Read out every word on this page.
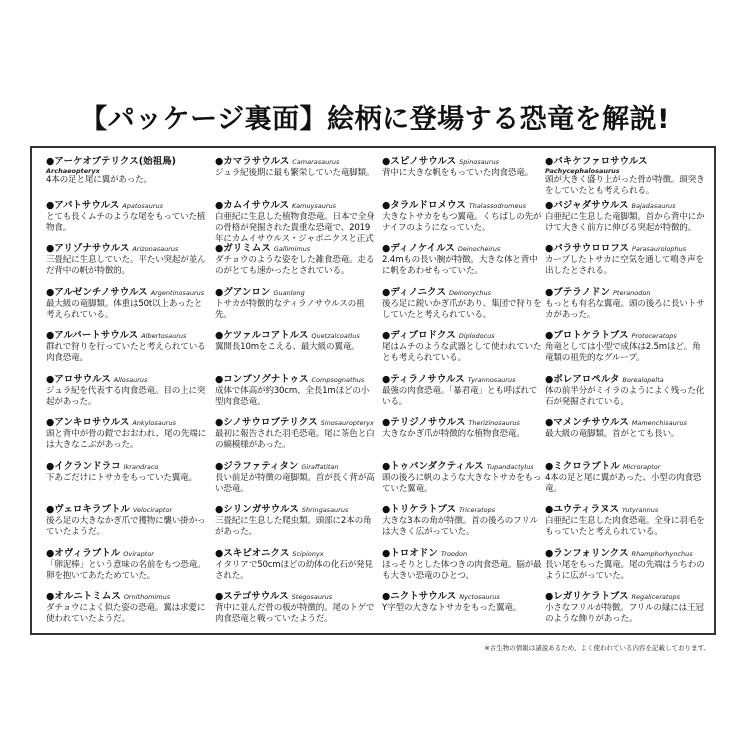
【パッケージ裏面】絵柄に登場する恐竜を解説!
●アーケオプテリクス(始祖鳥)
Archaeopteryx
4本の足と尾に翼があった。
●アパトサウルス Apatosaurus
とても長くムチのような尾をもっていた植物食。
●アリゾナサウルス Arizonasaurus
三畳紀に生息していた。平たい突起が並んだ背中の帆が特徴的。
●アルゼンチノサウルス Argentinosaurus
最大級の竜脚類。体重は50t以上あったと考えられている。
●アルバートサウルス Albertosaurus
群れで狩りを行っていたと考えられている肉食恐竜。
●アロサウルス Allosaurus
ジュラ紀を代表する肉食恐竜。目の上に突起があった。
●アンキロサウルス Ankylosaurus
頭と背中が骨の鎧でおおわれ、尾の先端には大きなこぶがあった。
●イクランドラコ Ikrandraco
下あごだけにトサカをもっていた翼竜。
●ヴェロキラプトル Velociraptor
後ろ足の大きなかぎ爪で獲物に襲い掛かっていたようだ。
●オヴィラプトル Oviraptor
「卵泥棒」という意味の名前をもつ恐竜。卵を抱いてあたためていた。
●オルニトミムス Ornithomimus
ダチョウによく似た姿の恐竜。翼は求愛に使われていたようだ。
●カマラサウルス Camarasaurus
ジュラ紀後期に最も繁栄していた竜脚類。
●カムイサウルス Kamuysaurus
白亜紀に生息した植物食恐竜。日本で全身の骨格が発掘された貴重な恐竜で、2019年にカムイサウルス・ジャポニクスと正式
●ガリミムス Gallimimus
ダチョウのような姿をした雑食恐竜。走るのがとても速かったとされている。
●グアンロン Guanlong
トサカが特徴的なティラノサウルスの祖先。
●ケツァルコアトルス Quetzalcoatlus
翼開長10mをこえる、最大級の翼竜。
●コンプソグナトゥス Compsognathus
成体で体高が約30cm、全長1mほどの小型肉食恐竜。
●シノサウロプテリクス Sinosauropteryx
最初に報告された羽毛恐竜。尾に茶色と白の縞模様があった。
●ジラファティタン Giraffatitan
長い前足が特徴の竜脚類。首が長く背が高い恐竜。
●シリンガサウルス Shringasaurus
三畳紀に生息した爬虫類。頭部に2本の角があった。
●スキピオニクス Scipionyx
イタリアで50cmほどの幼体の化石が発見された。
●ステゴサウルス Stegosaurus
背中に並んだ骨の板が特徴的。尾のトゲで肉食恐竜と戦っていたようだ。
●スピノサウルス Spinosaurus
背中に大きな帆をもっていた肉食恐竜。
●タラルドロメウス Thalassodromeus
大きなトサカをもつ翼竜。くちばしの先がナイフのようになっていた。
●ディノケイルス Deinocheirus
2.4mもの長い腕が特徴。大きな体と背中に帆をあわせもっていた。
●ディノニクス Deinonychus
後ろ足に鋭いかぎ爪があり、集団で狩りをしていたと考えられている。
●ディプロドクス Diplodocus
尾はムチのような武器として使われていたとも考えられている。
●ティラノサウルス Tyrannosaurus
最強の肉食恐竜。「暴君竜」とも呼ばれている。
●テリジノサウルス Therizinosaurus
大きなかぎ爪が特徴的な植物食恐竜。
●トゥパンダクティルス Tupandactylus
頭の後ろに帆のような大きなトサカをもっていた翼竜。
●トリケラトプス Triceratops
大きな3本の角が特徴。首の後ろのフリルは大きく広がっていた。
●トロオドン Troodon
ほっそりとした体つきの肉食恐竜。脳が最も大きい恐竜のひとつ。
●ニクトサウルス Nyctosaurus
Y字型の大きなトサカをもった翼竜。
●パキケファロサウルス
Pachycephalosaurus
頭が大きく盛り上がった骨が特徴。頭突きをしていたとも考えられる。
●バジャダサウルス Bajadasaurus
白亜紀に生息した竜脚類。首から背中にかけて大きく前方に伸びる突起が特徴的。
●パラサウロロフス Parasaurolophus
カーブしたトサカに空気を通して鳴き声を出したとされる。
●プテラノドン Pteranodon
もっとも有名な翼竜。頭の後ろに長いトサカがあった。
●プロトケラトプス Protoceratops
角竜としては小型で成体は2.5mほど。角竜類の祖先的なグループ。
●ボレアロペルタ Borealopelta
体の前半分がミイラのようによく残った化石が発掘されている。
●マメンチサウルス Mamenchisaurus
最大級の竜脚類。首がとても長い。
●ミクロラプトル Microraptor
4本の足と尾に翼があった、小型の肉食恐竜。
●ユウティラヌス Yutyrannus
白亜紀に生息した肉食恐竜。全身に羽毛をもっていたと考えられている。
●ランフォリンクス Rhamphorhynchus
長い尾をもった翼竜。尾の先端はうちわのように広がっていた。
●レガリケラトプス Regaliceratops
小さなフリルが特徴。フリルの縁には王冠のような飾りがあった。
※古生物の情報は諸説あるため、よく使われている内容を記載しております。
